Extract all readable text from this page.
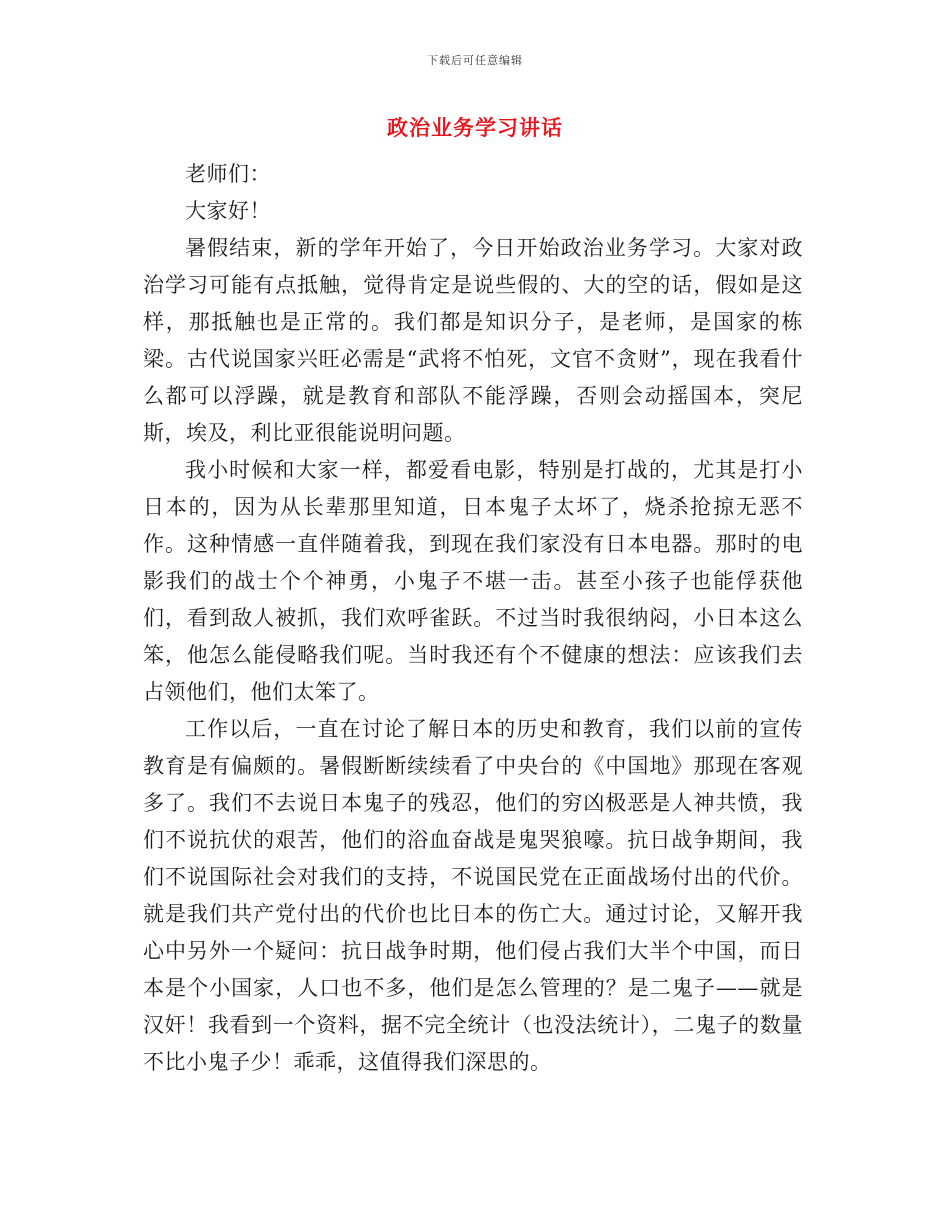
下载后可任意编辑
政治业务学习讲话

老师们：

大家好！

暑假结束，新的学年开始了，今日开始政治业务学习。大家对政治学习可能有点抵触，觉得肯定是说些假的、大的空的话，假如是这样，那抵触也是正常的。我们都是知识分子，是老师，是国家的栋梁。古代说国家兴旺必需是“武将不怕死，文官不贪财”，现在我看什么都可以浮躁，就是教育和部队不能浮躁，否则会动摇国本，突尼斯，埃及，利比亚很能说明问题。

我小时候和大家一样，都爱看电影，特别是打战的，尤其是打小日本的，因为从长辈那里知道，日本鬼子太坏了，烧杀抢掠无恶不作。这种情感一直伴随着我，到现在我们家没有日本电器。那时的电影我们的战士个个神勇，小鬼子不堪一击。甚至小孩子也能俘获他们，看到敌人被抓，我们欢呼雀跃。不过当时我很纳闷，小日本这么笨，他怎么能侵略我们呢。当时我还有个不健康的想法：应该我们去占领他们，他们太笨了。

工作以后，一直在讨论了解日本的历史和教育，我们以前的宣传教育是有偏颇的。暑假断断续续看了中央台的《中国地》那现在客观多了。我们不去说日本鬼子的残忍，他们的穷凶极恶是人神共愤，我们不说抗伏的艰苦，他们的浴血奋战是鬼哭狼嚎。抗日战争期间，我们不说国际社会对我们的支持，不说国民党在正面战场付出的代价。就是我们共产党付出的代价也比日本的伤亡大。通过讨论，又解开我心中另外一个疑问：抗日战争时期，他们侵占我们大半个中国，而日本是个小国家，人口也不多，他们是怎么管理的？是二鬼子——就是汉奸！我看到一个资料，据不完全统计（也没法统计），二鬼子的数量不比小鬼子少！乖乖，这值得我们深思的。
